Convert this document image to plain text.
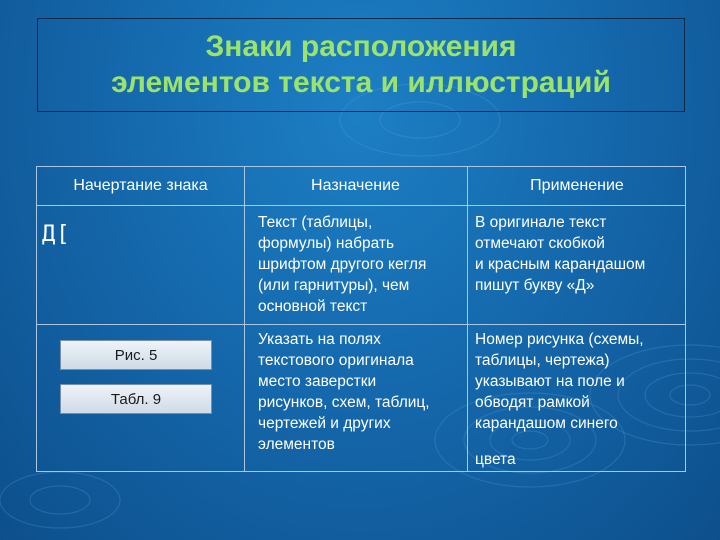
Знаки расположения
элементов текста и иллюстраций
Начертание знака	Назначение	Применение
Текст (таблицы,
формулы) набрать
шрифтом другого кегля
(или гарнитуры), чем
основной текст
В оригинале текст
отмечают скобкой
и красным карандашом
пишут букву «Д»
Указать на полях
текстового оригинала
место заверстки
рисунков, схем, таблиц,
чертежей и других
элементов
Номер рисунка (схемы,
таблицы, чертежа)
указывают на поле и
обводят рамкой
карандашом синего
цвета
Д[
Рис. 5
Табл. 9
